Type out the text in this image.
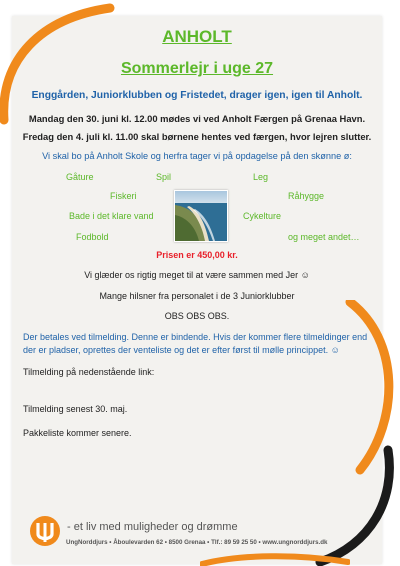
ANHOLT
Sommerlejr i uge 27
Enggården, Juniorklubben og Fristedet, drager igen, igen til Anholt.
Mandag den 30. juni kl. 12.00 mødes vi ved Anholt Færgen på Grenaa Havn.
Fredag den 4. juli kl. 11.00 skal børnene hentes ved færgen, hvor lejren slutter.
Vi skal bo på Anholt Skole og herfra tager vi på opdagelse på den skønne ø:
Gåture	Spil	Leg
Fiskeri	Råhygge
Bade i det klare vand	Cykelture
Fodbold	og meget andet…
Prisen er 450,00 kr.
Vi glæder os rigtig meget til at være sammen med Jer ☺
Mange hilsner fra personalet i de 3 Juniorklubber
OBS OBS OBS.
Der betales ved tilmelding. Denne er bindende. Hvis der kommer flere tilmeldinger end der er pladser, oprettes der venteliste og det er efter først til mølle princippet. ☺
Tilmelding på nedenstående link:
Tilmelding senest 30. maj.
Pakkeliste kommer senere.
- et liv med muligheder og drømme
UngNorddjurs • Åboulevarden 62 • 8500 Grenaa • Tlf.: 89 59 25 50 • www.ungnorddjurs.dk
